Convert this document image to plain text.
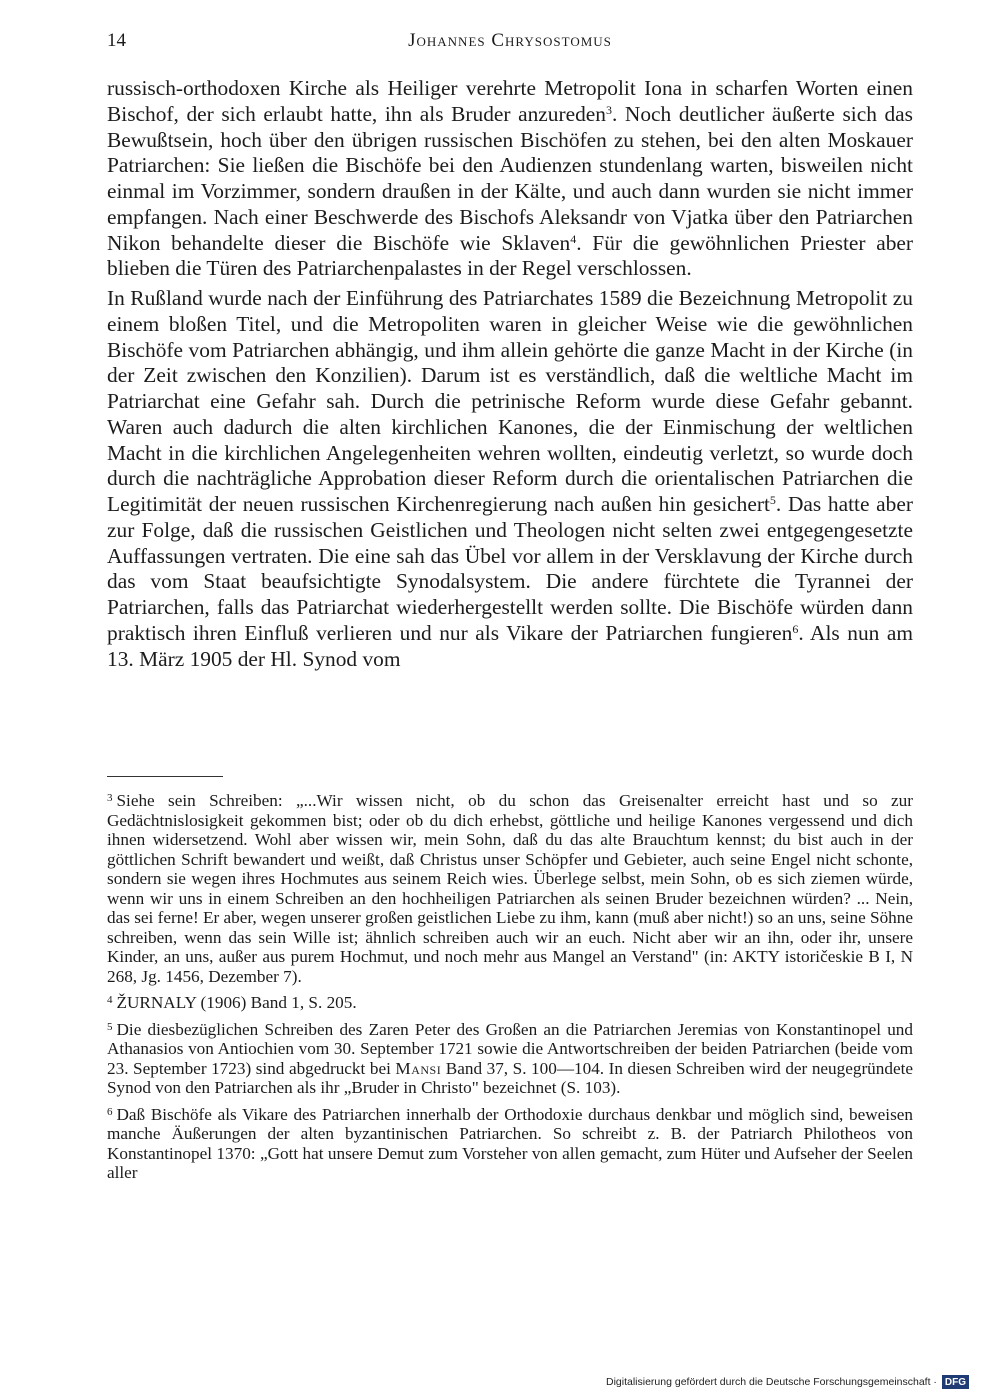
14	Johannes Chrysostomus

russisch-orthodoxen Kirche als Heiliger verehrte Metropolit Iona in scharfen Worten einen Bischof, der sich erlaubt hatte, ihn als Bruder anzureden$^3$. Noch deutlicher äußerte sich das Bewußtsein, hoch über den übrigen russischen Bischöfen zu stehen, bei den alten Moskauer Patriarchen: Sie ließen die Bischöfe bei den Audienzen stundenlang warten, bisweilen nicht einmal im Vorzimmer, sondern draußen in der Kälte, und auch dann wurden sie nicht immer empfangen. Nach einer Beschwerde des Bischofs Aleksandr von Vjatka über den Patriarchen Nikon behandelte dieser die Bischöfe wie Sklaven$^4$. Für die gewöhnlichen Priester aber blieben die Türen des Patriarchenpalastes in der Regel verschlossen.

In Rußland wurde nach der Einführung des Patriarchates 1589 die Bezeichnung Metropolit zu einem bloßen Titel, und die Metropoliten waren in gleicher Weise wie die gewöhnlichen Bischöfe vom Patriarchen abhängig, und ihm allein gehörte die ganze Macht in der Kirche (in der Zeit zwischen den Konzilien). Darum ist es verständlich, daß die weltliche Macht im Patriarchat eine Gefahr sah. Durch die petrinische Reform wurde diese Gefahr gebannt. Waren auch dadurch die alten kirchlichen Kanones, die der Einmischung der weltlichen Macht in die kirchlichen Angelegenheiten wehren wollten, eindeutig verletzt, so wurde doch durch die nachträgliche Approbation dieser Reform durch die orientalischen Patriarchen die Legitimität der neuen russischen Kirchenregierung nach außen hin gesichert$^5$. Das hatte aber zur Folge, daß die russischen Geistlichen und Theologen nicht selten zwei entgegengesetzte Auffassungen vertraten. Die eine sah das Übel vor allem in der Versklavung der Kirche durch das vom Staat beaufsichtigte Synodalsystem. Die andere fürchtete die Tyrannei der Patriarchen, falls das Patriarchat wiederhergestellt werden sollte. Die Bischöfe würden dann praktisch ihren Einfluß verlieren und nur als Vikare der Patriarchen fungieren$^6$. Als nun am 13. März 1905 der Hl. Synod vom

$^3$ Siehe sein Schreiben: „...Wir wissen nicht, ob du schon das Greisenalter erreicht hast und so zur Gedächtnislosigkeit gekommen bist; oder ob du dich erhebst, göttliche und heilige Kanones vergessend und dich ihnen widersetzend. Wohl aber wissen wir, mein Sohn, daß du das alte Brauchtum kennst; du bist auch in der göttlichen Schrift bewandert und weißt, daß Christus unser Schöpfer und Gebieter, auch seine Engel nicht schonte, sondern sie wegen ihres Hochmutes aus seinem Reich wies. Überlege selbst, mein Sohn, ob es sich ziemen würde, wenn wir uns in einem Schreiben an den hochheiligen Patriarchen als seinen Bruder bezeichnen würden? ... Nein, das sei ferne! Er aber, wegen unserer großen geistlichen Liebe zu ihm, kann (muß aber nicht!) so an uns, seine Söhne schreiben, wenn das sein Wille ist; ähnlich schreiben auch wir an euch. Nicht aber wir an ihn, oder ihr, unsere Kinder, an uns, außer aus purem Hochmut, und noch mehr aus Mangel an Verstand" (in: AKTY istoričeskie B I, N 268, Jg. 1456, Dezember 7).

$^4$ ŽURNALY (1906) Band 1, S. 205.

$^5$ Die diesbezüglichen Schreiben des Zaren Peter des Großen an die Patriarchen Jeremias von Konstantinopel und Athanasios von Antiochien vom 30. September 1721 sowie die Antwortschreiben der beiden Patriarchen (beide vom 23. September 1723) sind abgedruckt bei Mansi Band 37, S. 100—104. In diesen Schreiben wird der neugegründete Synod von den Patriarchen als ihr „Bruder in Christo" bezeichnet (S. 103).

$^6$ Daß Bischöfe als Vikare des Patriarchen innerhalb der Orthodoxie durchaus denkbar und möglich sind, beweisen manche Äußerungen der alten byzantinischen Patriarchen. So schreibt z. B. der Patriarch Philotheos von Konstantinopel 1370: „Gott hat unsere Demut zum Vorsteher von allen gemacht, zum Hüter und Aufseher der Seelen aller

Digitalisierung gefördert durch die Deutsche Forschungsgemeinschaft · DFG
